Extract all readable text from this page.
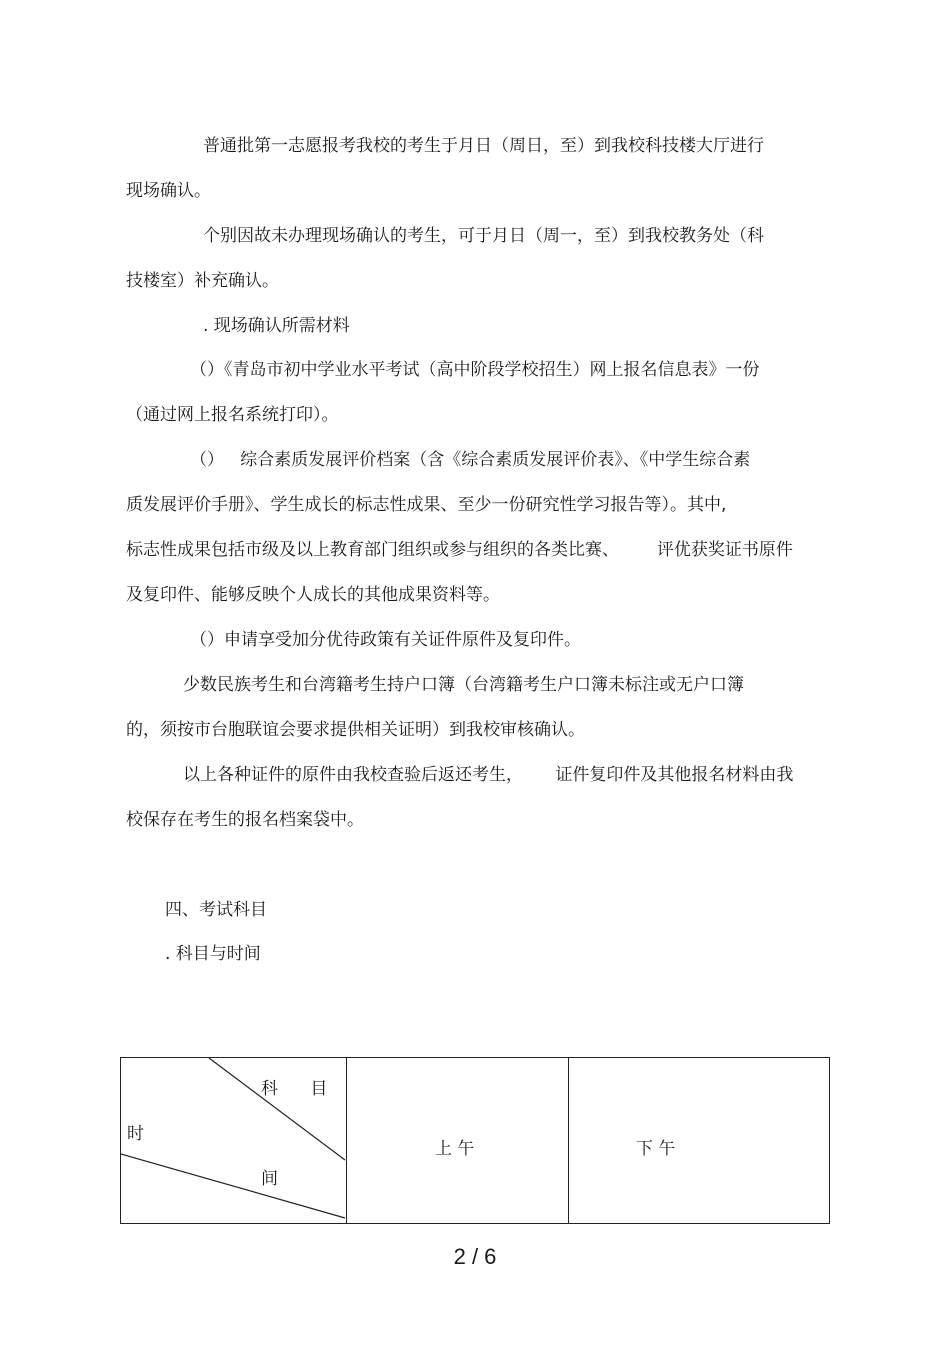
普通批第一志愿报考我校的考生于月日（周日，至）到我校科技楼大厅进行
现场确认。
个别因故未办理现场确认的考生，可于月日（周一，至）到我校教务处（科
技楼室）补充确认。
. 现场确认所需材料
（）《青岛市初中学业水平考试（高中阶段学校招生）网上报名信息表》一份
（通过网上报名系统打印）。
（）   综合素质发展评价档案（含《综合素质发展评价表》、《中学生综合素
质发展评价手册》、学生成长的标志性成果、至少一份研究性学习报告等）。其中,
标志性成果包括市级及以上教育部门组织或参与组织的各类比赛、       评优获奖证书原件
及复印件、能够反映个人成长的其他成果资料等。
（）申请享受加分优待政策有关证件原件及复印件。
少数民族考生和台湾籍考生持户口簿（台湾籍考生户口簿未标注或无户口簿
的，须按市台胞联谊会要求提供相关证明）到我校审核确认。
以上各种证件的原件由我校查验后返还考生，      证件复印件及其他报名材料由我
校保存在考生的报名档案袋中。
四、考试科目
. 科目与时间
科      目
时
间
上 午	下 午
2 / 6
